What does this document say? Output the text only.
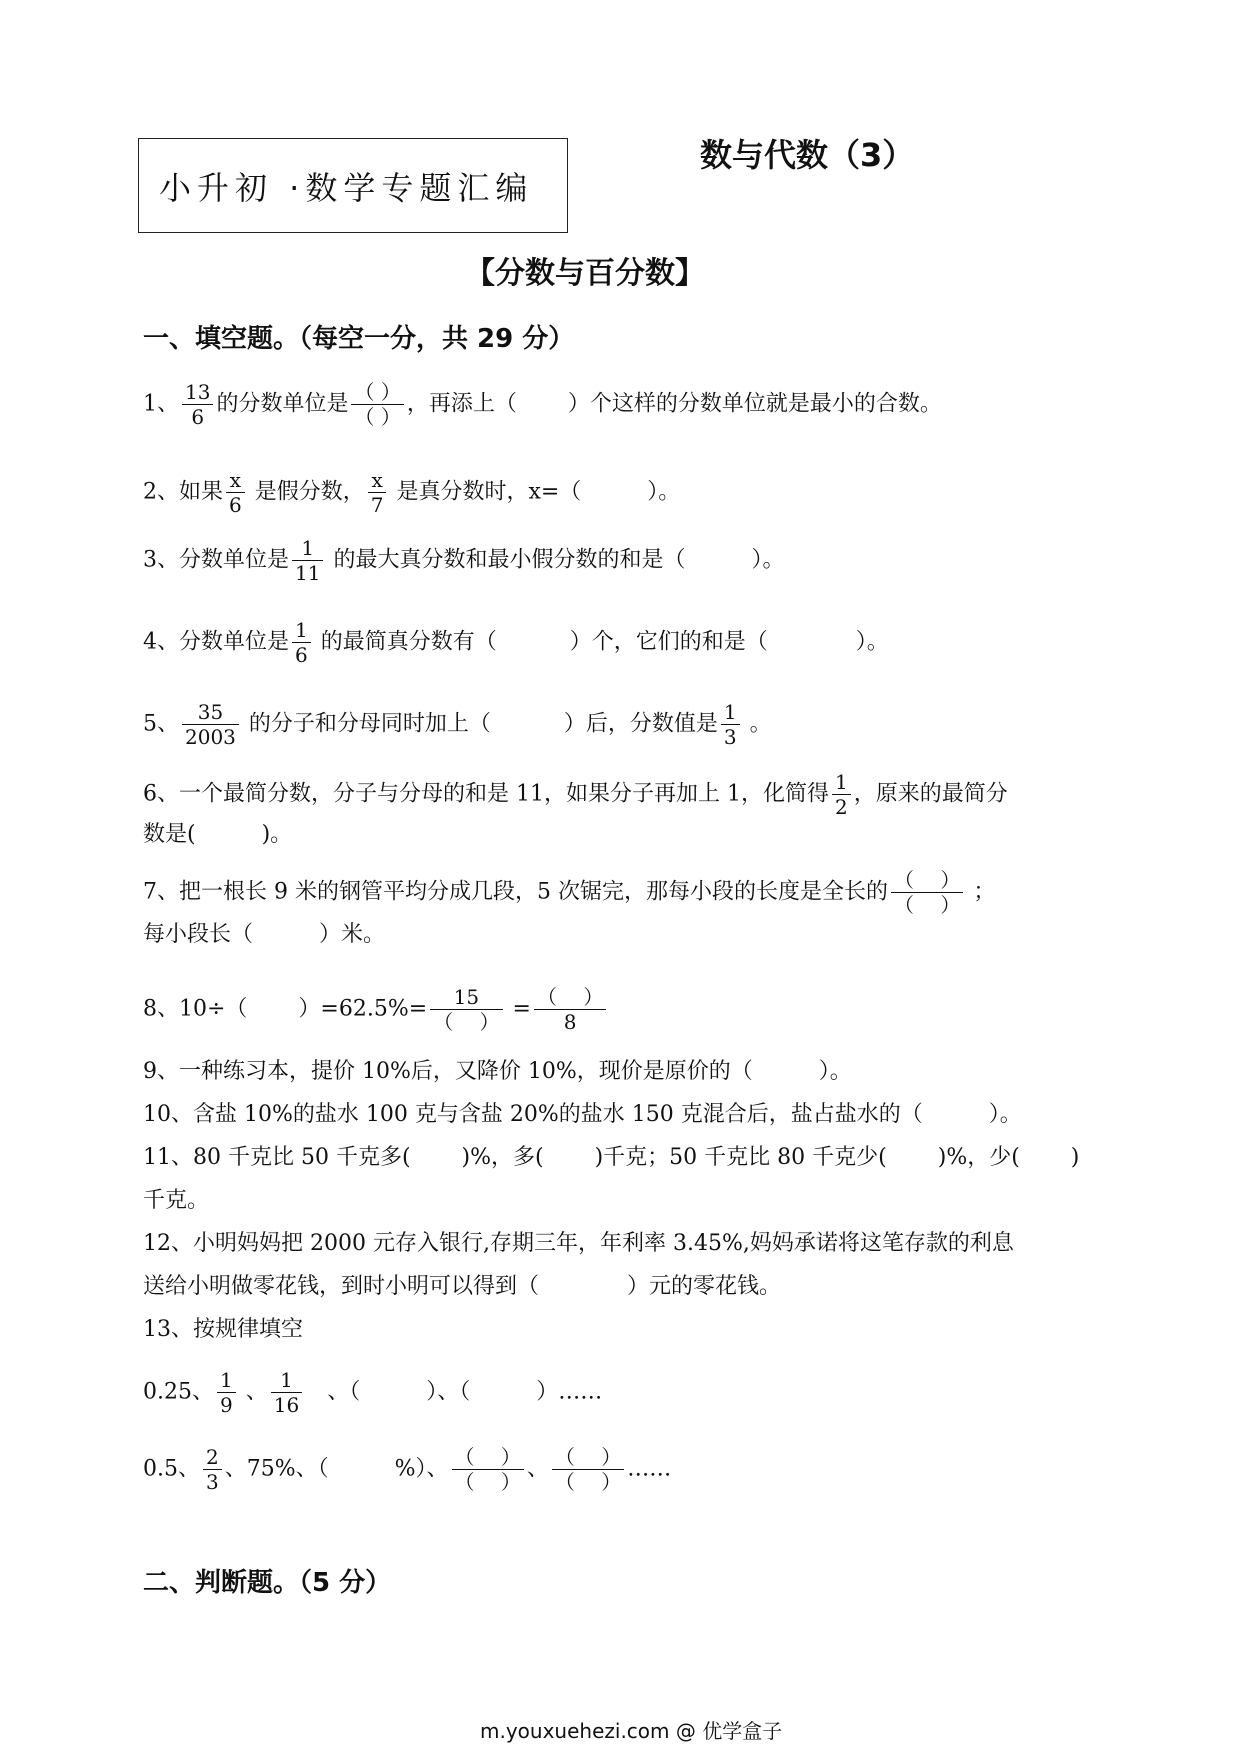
小升初 ·数学专题汇编
数与代数（3）
【分数与百分数】
一、填空题。（每空一分，共 29 分）
1、 $\frac{13}{6}$ 的分数单位是 $\frac{( )}{( )}$ ，再添上（　　 ）个这样的分数单位就是最小的合数。
2、如果 $\frac{x}{6}$ 是假分数， $\frac{x}{7}$ 是真分数时，x=（　　　）。
3、分数单位是 $\frac{1}{11}$ 的最大真分数和最小假分数的和是（　　　）。
4、分数单位是 $\frac{1}{6}$ 的最简真分数有（　　　 ）个，它们的和是（　　　　）。
5、 $\frac{35}{2003}$ 的分子和分母同时加上（　　　 ）后，分数值是 $\frac{1}{3}$ 。
6、一个最简分数，分子与分母的和是 11，如果分子再加上 1，化简得 $\frac{1}{2}$ ，原来的最简分
数是(　　　)。
7、把一根长 9 米的钢管平均分成几段，5 次锯完，那每小段的长度是全长的 $\frac{( )}{( )}$ ；
每小段长（　　　）米。
8、10÷（　　 ）$=62.5\%= \frac{15}{( )} = \frac{( )}{8}$
9、一种练习本，提价 10%后，又降价 10%，现价是原价的（　　　）。
10、含盐 10%的盐水 100 克与含盐 20%的盐水 150 克混合后，盐占盐水的（　　　）。
11、80 千克比 50 千克多(　　 )%，多(　　 )千克；50 千克比 80 千克少(　　 )%，少(　　 )
千克。
12、小明妈妈把 2000 元存入银行,存期三年，年利率 3.45%,妈妈承诺将这笔存款的利息
送给小明做零花钱，到时小明可以得到（　　　　）元的零花钱。
13、按规律填空
0.25、 $\frac{1}{9}$ 、 $\frac{1}{16}$ 　、（　　　）、（　　　）……
0.5、 $\frac{2}{3}$ 、75%、（　　　%）、 $\frac{( )}{( )}$ 、 $\frac{( )}{( )}$ ……
二、判断题。（5 分）
m.youxuehezi.com @ 优学盒子
